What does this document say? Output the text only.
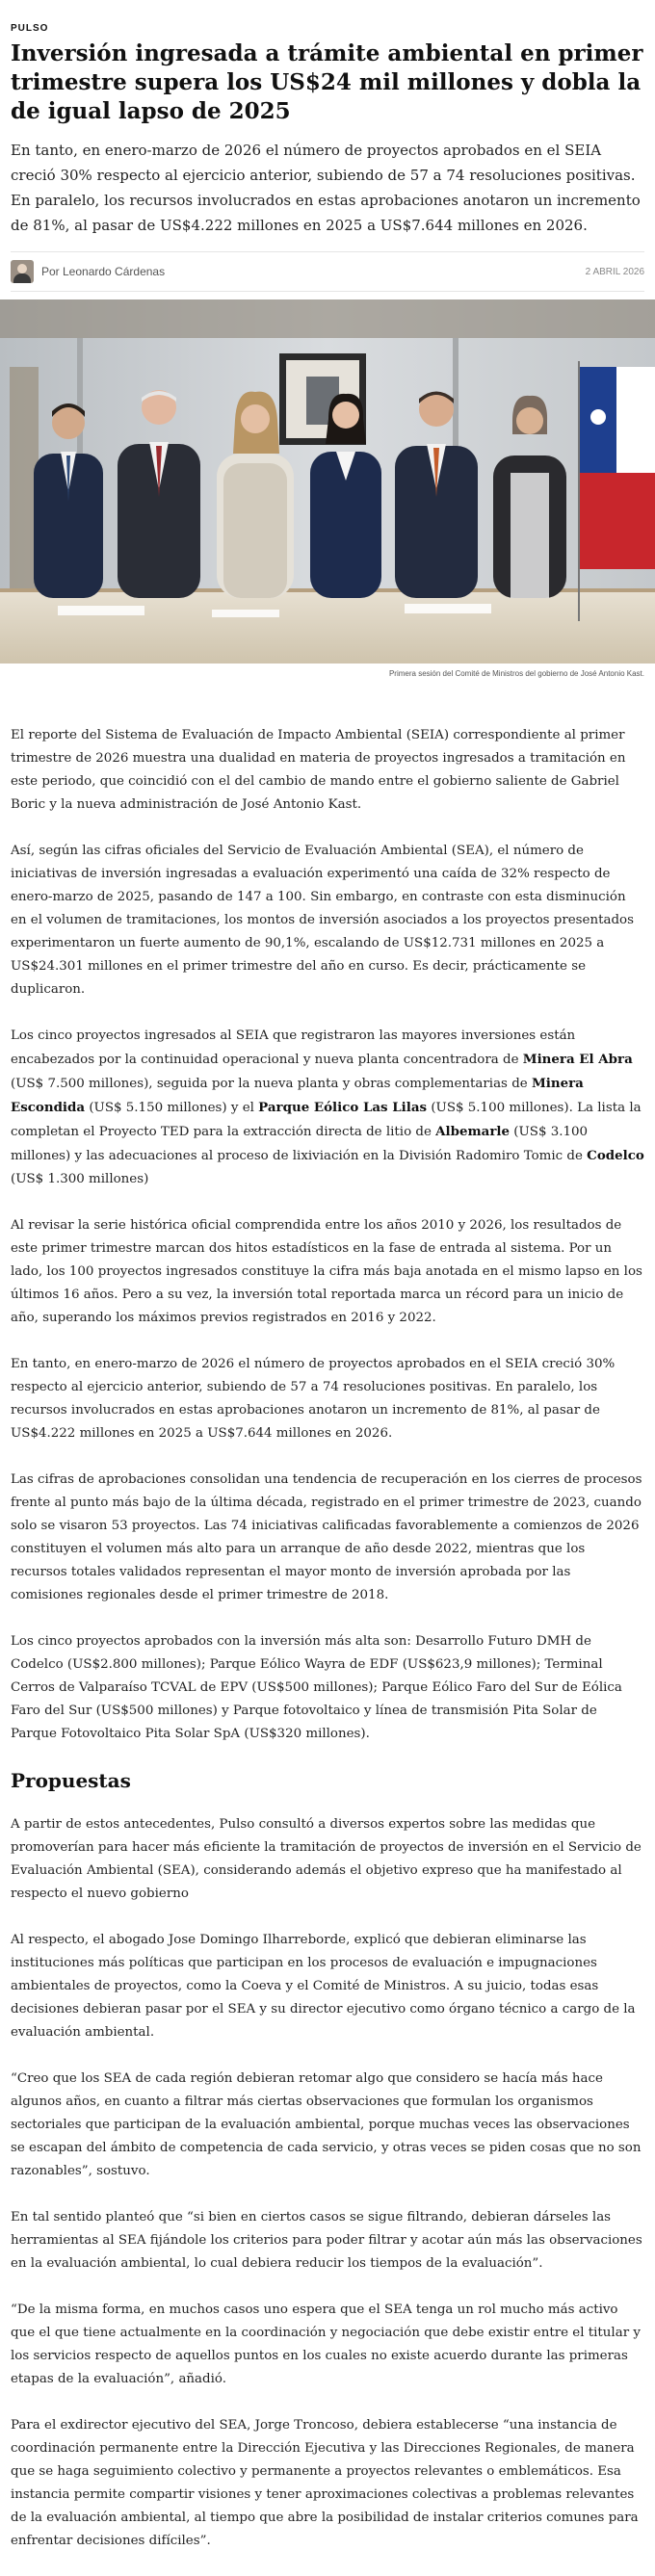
PULSO
Inversión ingresada a trámite ambiental en primer trimestre supera los US$24 mil millones y dobla la de igual lapso de 2025

En tanto, en enero-marzo de 2026 el número de proyectos aprobados en el SEIA creció 30% respecto al ejercicio anterior, subiendo de 57 a 74 resoluciones positivas. En paralelo, los recursos involucrados en estas aprobaciones anotaron un incremento de 81%, al pasar de US$4.222 millones en 2025 a US$7.644 millones en 2026.

Por Leonardo Cárdenas	2 ABRIL 2026
Primera sesión del Comité de Ministros del gobierno de José Antonio Kast.

El reporte del Sistema de Evaluación de Impacto Ambiental (SEIA) correspondiente al primer trimestre de 2026 muestra una dualidad en materia de proyectos ingresados a tramitación en este periodo, que coincidió con el del cambio de mando entre el gobierno saliente de Gabriel Boric y la nueva administración de José Antonio Kast.

Así, según las cifras oficiales del Servicio de Evaluación Ambiental (SEA), el número de iniciativas de inversión ingresadas a evaluación experimentó una caída de 32% respecto de enero-marzo de 2025, pasando de 147 a 100. Sin embargo, en contraste con esta disminución en el volumen de tramitaciones, los montos de inversión asociados a los proyectos presentados experimentaron un fuerte aumento de 90,1%, escalando de US$12.731 millones en 2025 a US$24.301 millones en el primer trimestre del año en curso. Es decir, prácticamente se duplicaron.

Los cinco proyectos ingresados al SEIA que registraron las mayores inversiones están encabezados por la continuidad operacional y nueva planta concentradora de Minera El Abra (US$ 7.500 millones), seguida por la nueva planta y obras complementarias de Minera Escondida (US$ 5.150 millones) y el Parque Eólico Las Lilas (US$ 5.100 millones). La lista la completan el Proyecto TED para la extracción directa de litio de Albemarle (US$ 3.100 millones) y las adecuaciones al proceso de lixiviación en la División Radomiro Tomic de Codelco (US$ 1.300 millones)

Al revisar la serie histórica oficial comprendida entre los años 2010 y 2026, los resultados de este primer trimestre marcan dos hitos estadísticos en la fase de entrada al sistema. Por un lado, los 100 proyectos ingresados constituye la cifra más baja anotada en el mismo lapso en los últimos 16 años. Pero a su vez, la inversión total reportada marca un récord para un inicio de año, superando los máximos previos registrados en 2016 y 2022.

En tanto, en enero-marzo de 2026 el número de proyectos aprobados en el SEIA creció 30% respecto al ejercicio anterior, subiendo de 57 a 74 resoluciones positivas. En paralelo, los recursos involucrados en estas aprobaciones anotaron un incremento de 81%, al pasar de US$4.222 millones en 2025 a US$7.644 millones en 2026.

Las cifras de aprobaciones consolidan una tendencia de recuperación en los cierres de procesos frente al punto más bajo de la última década, registrado en el primer trimestre de 2023, cuando solo se visaron 53 proyectos. Las 74 iniciativas calificadas favorablemente a comienzos de 2026 constituyen el volumen más alto para un arranque de año desde 2022, mientras que los recursos totales validados representan el mayor monto de inversión aprobada por las comisiones regionales desde el primer trimestre de 2018.

Los cinco proyectos aprobados con la inversión más alta son: Desarrollo Futuro DMH de Codelco (US$2.800 millones); Parque Eólico Wayra de EDF (US$623,9 millones); Terminal Cerros de Valparaíso TCVAL de EPV (US$500 millones); Parque Eólico Faro del Sur de Eólica Faro del Sur (US$500 millones) y Parque fotovoltaico y línea de transmisión Pita Solar de Parque Fotovoltaico Pita Solar SpA (US$320 millones).

Propuestas

A partir de estos antecedentes, Pulso consultó a diversos expertos sobre las medidas que promoverían para hacer más eficiente la tramitación de proyectos de inversión en el Servicio de Evaluación Ambiental (SEA), considerando además el objetivo expreso que ha manifestado al respecto el nuevo gobierno

Al respecto, el abogado Jose Domingo Ilharreborde, explicó que debieran eliminarse las instituciones más políticas que participan en los procesos de evaluación e impugnaciones ambientales de proyectos, como la Coeva y el Comité de Ministros. A su juicio, todas esas decisiones debieran pasar por el SEA y su director ejecutivo como órgano técnico a cargo de la evaluación ambiental.

“Creo que los SEA de cada región debieran retomar algo que considero se hacía más hace algunos años, en cuanto a filtrar más ciertas observaciones que formulan los organismos sectoriales que participan de la evaluación ambiental, porque muchas veces las observaciones se escapan del ámbito de competencia de cada servicio, y otras veces se piden cosas que no son razonables”, sostuvo.

En tal sentido planteó que “si bien en ciertos casos se sigue filtrando, debieran dárseles las herramientas al SEA fijándole los criterios para poder filtrar y acotar aún más las observaciones en la evaluación ambiental, lo cual debiera reducir los tiempos de la evaluación”.

“De la misma forma, en muchos casos uno espera que el SEA tenga un rol mucho más activo que el que tiene actualmente en la coordinación y negociación que debe existir entre el titular y los servicios respecto de aquellos puntos en los cuales no existe acuerdo durante las primeras etapas de la evaluación”, añadió.

Para el exdirector ejecutivo del SEA, Jorge Troncoso, debiera establecerse “una instancia de coordinación permanente entre la Dirección Ejecutiva y las Direcciones Regionales, de manera que se haga seguimiento colectivo y permanente a proyectos relevantes o emblemáticos. Esa instancia permite compartir visiones y tener aproximaciones colectivas a problemas relevantes de la evaluación ambiental, al tiempo que abre la posibilidad de instalar criterios comunes para enfrentar decisiones difíciles”.
